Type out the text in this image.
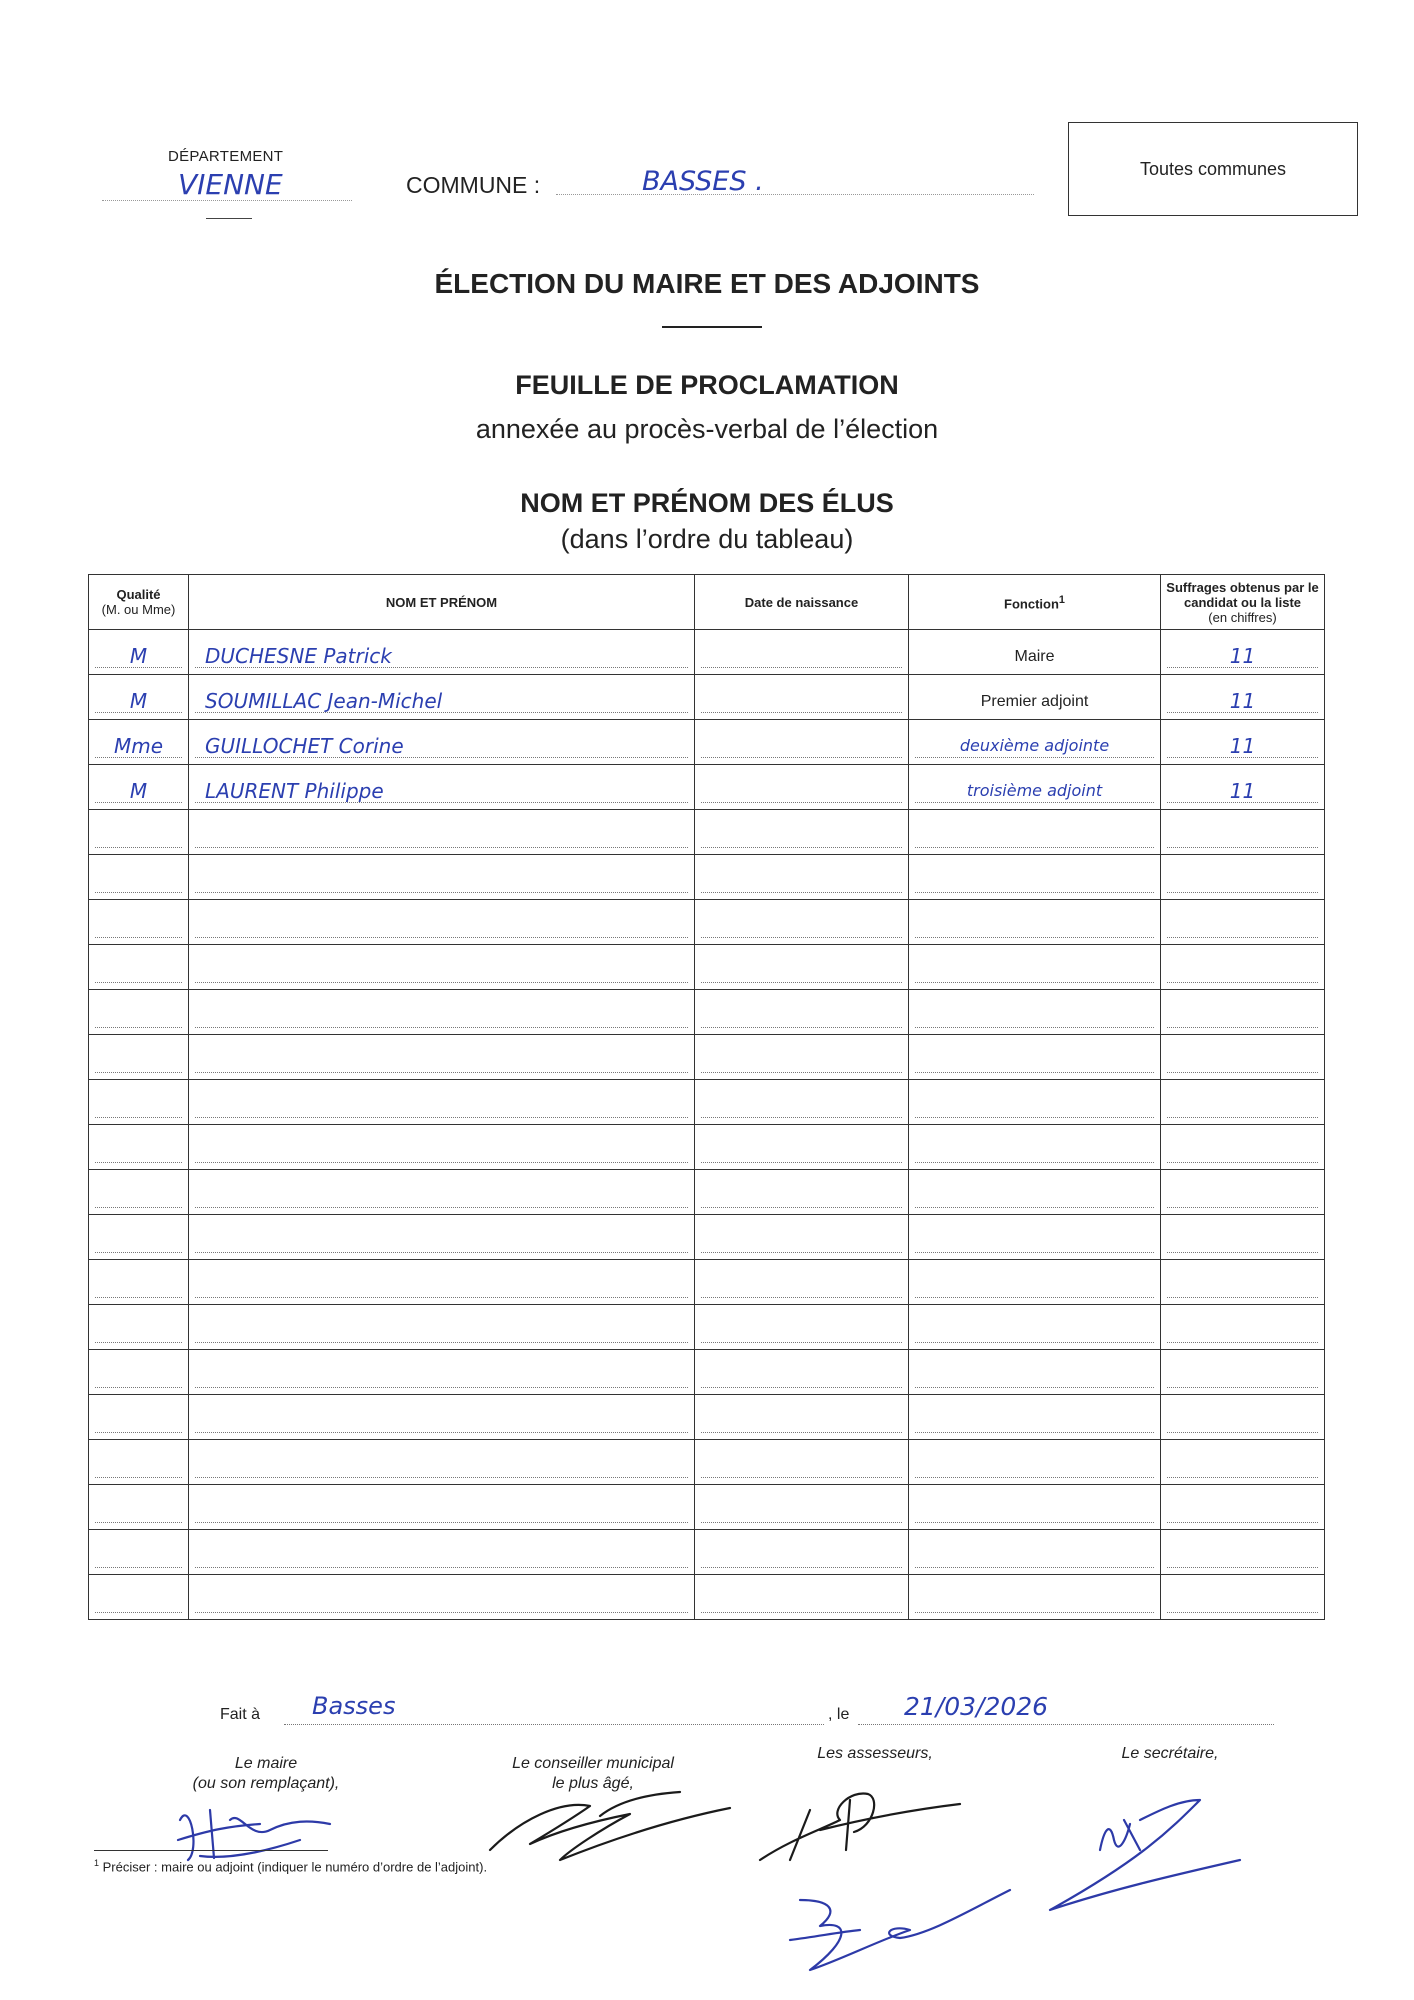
DÉPARTEMENT
VIENNE	COMMUNE :	BASSES .	Toutes communes
ÉLECTION DU MAIRE ET DES ADJOINTS
FEUILLE DE PROCLAMATION
annexée au procès-verbal de l’élection
NOM ET PRÉNOM DES ÉLUS
(dans l’ordre du tableau)
Qualité
(M. ou Mme)	NOM ET PRÉNOM	Date de naissance	Fonction$^1$	Suffrages obtenus par le candidat ou la liste
(en chiffres)

M	DUCHESNE Patrick		Maire	11

M	SOUMILLAC Jean-Michel		Premier adjoint	11

Mme	GUILLOCHET Corine		deuxième adjointe	11

M	LAURENT Philippe		troisième adjoint	11

Fait à Basses	, le 21/03/2026
Le maire
(ou son remplaçant),
Le conseiller municipal
le plus âgé,
Les assesseurs,	Le secrétaire,
$^1$ Préciser : maire ou adjoint (indiquer le numéro d’ordre de l’adjoint).
